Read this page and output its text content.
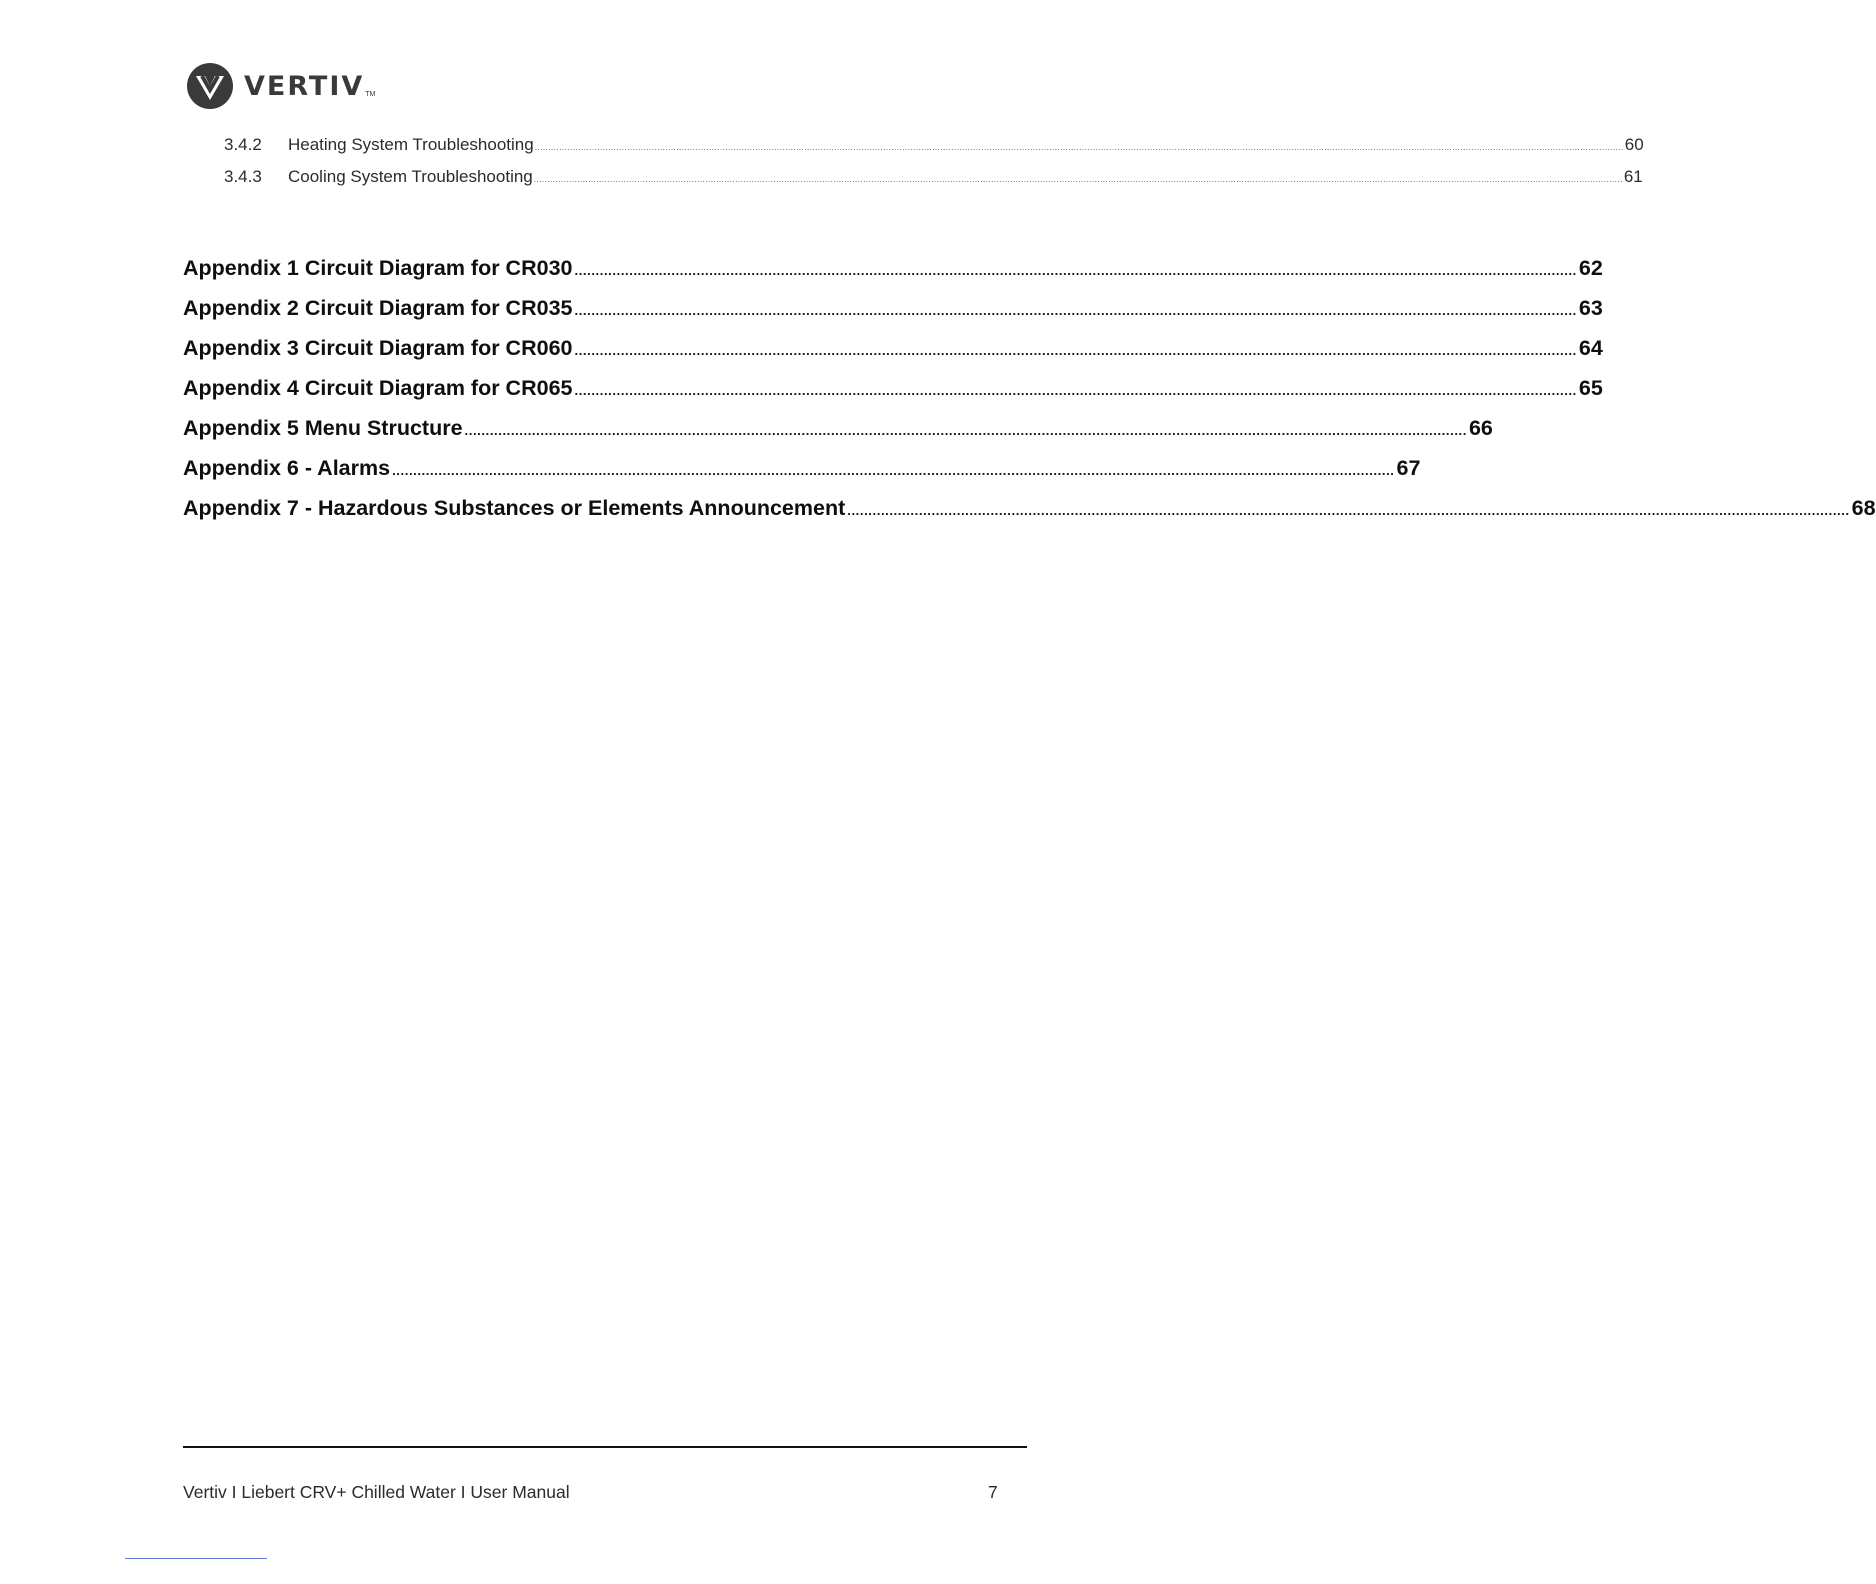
VERTIV TM
3.4.2	Heating System Troubleshooting ................................................................................................................................................................................................................................................................................................................................................................................................................ 60
3.4.3	Cooling System Troubleshooting ................................................................................................................................................................................................................................................................................................................................................................................................................ 61
Appendix 1 Circuit Diagram for CR030 .............................................................................................................................................................................................................................................. 62
Appendix 2 Circuit Diagram for CR035 .............................................................................................................................................................................................................................................. 63
Appendix 3 Circuit Diagram for CR060 .............................................................................................................................................................................................................................................. 64
Appendix 4 Circuit Diagram for CR065 .............................................................................................................................................................................................................................................. 65
Appendix 5 Menu Structure .............................................................................................................................................................................................................................................. 66
Appendix 6 - Alarms .............................................................................................................................................................................................................................................. 67
Appendix 7 - Hazardous Substances or Elements Announcement .............................................................................................................................................................................................................................................. 68
Vertiv I Liebert CRV+ Chilled Water I User Manual	7
